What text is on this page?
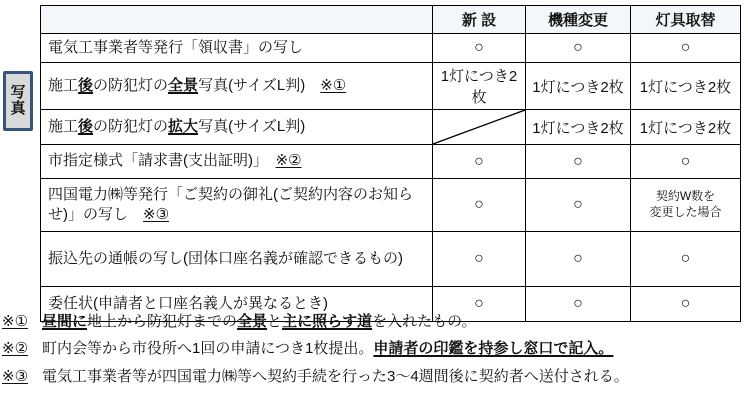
写真
	新 設	機種変更	灯具取替
電気工事業者等発行「領収書」の写し	○	○	○
施工後の防犯灯の全景写真(サイズL判)　※①	1灯につき2枚	1灯につき2枚	1灯につき2枚
施工後の防犯灯の拡大写真(サイズL判)		1灯につき2枚	1灯につき2枚
市指定様式「請求書(支出証明)」　※②	○	○	○
四国電力㈱等発行「ご契約の御礼(ご契約内容のお知らせ)」の写し　※③	○	○	契約W数を
変更した場合
振込先の通帳の写し(団体口座名義が確認できるもの)	○	○	○
委任状(申請者と口座名義人が異なるとき)	○	○	○
※① 昼間に地上から防犯灯までの全景と主に照らす道を入れたもの。
※② 町内会等から市役所へ1回の申請につき1枚提出。申請者の印鑑を持参し窓口で記入。
※③ 電気工事業者等が四国電力㈱等へ契約手続を行った3〜4週間後に契約者へ送付される。
